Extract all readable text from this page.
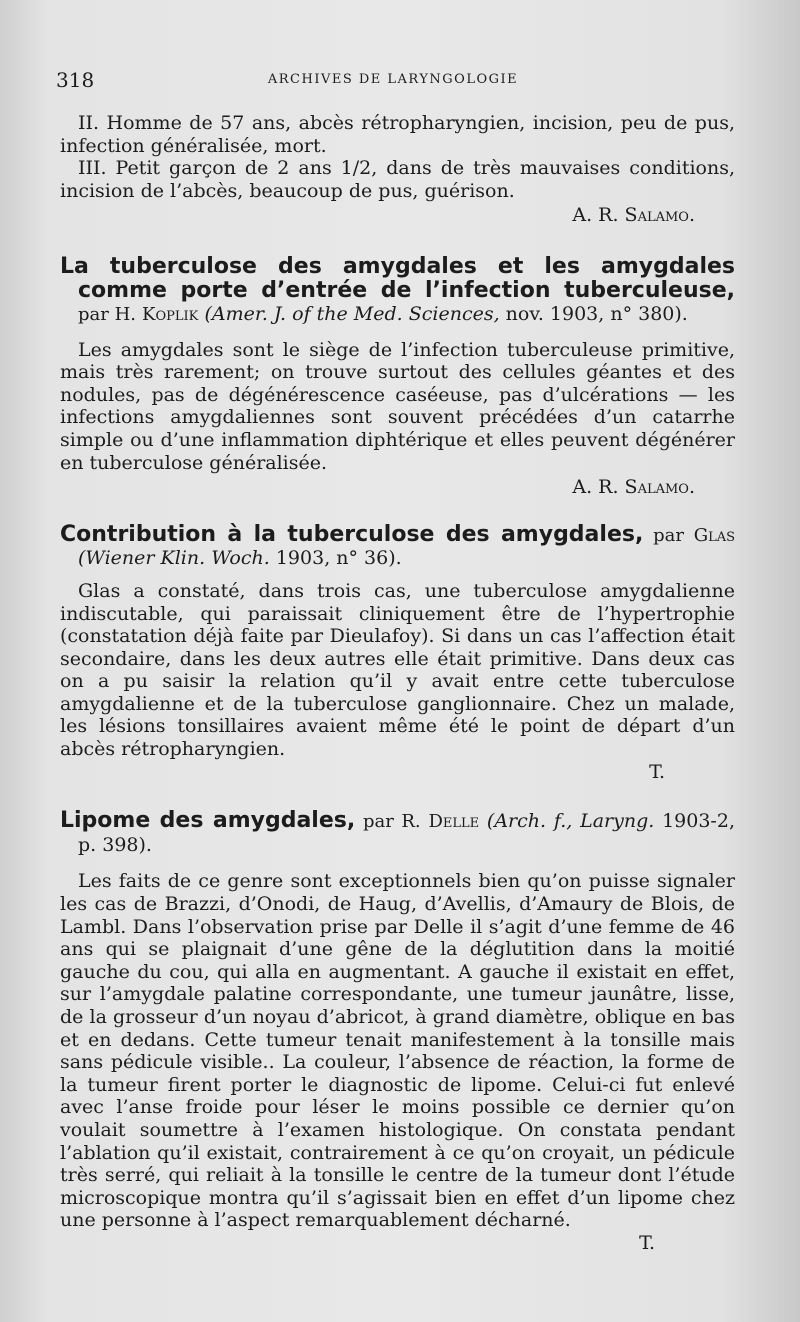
318	ARCHIVES DE LARYNGOLOGIE

II. Homme de 57 ans, abcès rétropharyngien, incision, peu de pus, infection généralisée, mort.

III. Petit garçon de 2 ans 1/2, dans de très mauvaises conditions, incision de l’abcès, beaucoup de pus, guérison.

A. R. Salamo.

La tuberculose des amygdales et les amygdales comme porte d’entrée de l’infection tuberculeuse, par H. Koplik (Amer. J. of the Med. Sciences, nov. 1903, n° 380).

Les amygdales sont le siège de l’infection tuberculeuse primitive, mais très rarement; on trouve surtout des cellules géantes et des nodules, pas de dégénérescence caséeuse, pas d’ulcérations — les infections amygdaliennes sont souvent précédées d’un catarrhe simple ou d’une inflammation diphtérique et elles peuvent dégénérer en tuberculose généralisée.

A. R. Salamo.

Contribution à la tuberculose des amygdales, par Glas (Wiener Klin. Woch. 1903, n° 36).

Glas a constaté, dans trois cas, une tuberculose amygdalienne indiscutable, qui paraissait cliniquement être de l’hypertrophie (constatation déjà faite par Dieulafoy). Si dans un cas l’affection était secondaire, dans les deux autres elle était primitive. Dans deux cas on a pu saisir la relation qu’il y avait entre cette tuberculose amygdalienne et de la tuberculose ganglionnaire. Chez un malade, les lésions tonsillaires avaient même été le point de départ d’un abcès rétropharyngien.

T.

Lipome des amygdales, par R. Delle (Arch. f., Laryng. 1903-2, p. 398).

Les faits de ce genre sont exceptionnels bien qu’on puisse signaler les cas de Brazzi, d’Onodi, de Haug, d’Avellis, d’Amaury de Blois, de Lambl. Dans l’observation prise par Delle il s’agit d’une femme de 46 ans qui se plaignait d’une gêne de la déglutition dans la moitié gauche du cou, qui alla en augmentant. A gauche il existait en effet, sur l’amygdale palatine correspondante, une tumeur jaunâtre, lisse, de la grosseur d’un noyau d’abricot, à grand diamètre, oblique en bas et en dedans. Cette tumeur tenait manifestement à la tonsille mais sans pédicule visible.. La couleur, l’absence de réaction, la forme de la tumeur firent porter le diagnostic de lipome. Celui-ci fut enlevé avec l’anse froide pour léser le moins possible ce dernier qu’on voulait soumettre à l’examen histologique. On constata pendant l’ablation qu’il existait, contrairement à ce qu’on croyait, un pédicule très serré, qui reliait à la tonsille le centre de la tumeur dont l’étude microscopique montra qu’il s’agissait bien en effet d’un lipome chez une personne à l’aspect remarquablement décharné.

T.
